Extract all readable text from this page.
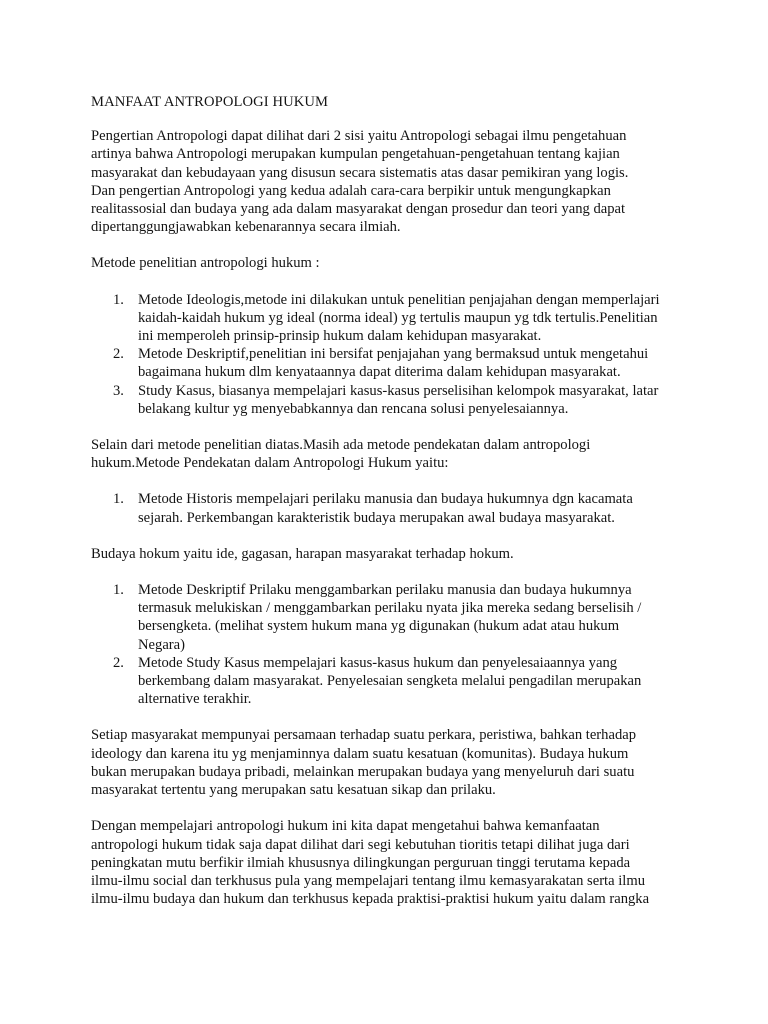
MANFAAT ANTROPOLOGI HUKUM
Pengertian Antropologi dapat dilihat dari 2 sisi yaitu Antropologi sebagai ilmu pengetahuan
artinya bahwa Antropologi merupakan kumpulan pengetahuan-pengetahuan tentang kajian
masyarakat dan kebudayaan yang disusun secara sistematis atas dasar pemikiran yang logis.
Dan pengertian Antropologi yang kedua adalah cara-cara berpikir untuk mengungkapkan
realitassosial dan budaya yang ada dalam masyarakat dengan prosedur dan teori yang dapat
dipertanggungjawabkan kebenarannya secara ilmiah.
Metode penelitian antropologi hukum :
1. Metode Ideologis,metode ini dilakukan untuk penelitian penjajahan dengan memperlajari
kaidah-kaidah hukum yg ideal (norma ideal) yg tertulis maupun yg tdk tertulis.Penelitian
ini memperoleh prinsip-prinsip hukum dalam kehidupan masyarakat.
2. Metode Deskriptif,penelitian ini bersifat penjajahan yang bermaksud untuk mengetahui
bagaimana hukum dlm kenyataannya dapat diterima dalam kehidupan masyarakat.
3. Study Kasus, biasanya mempelajari kasus-kasus perselisihan kelompok masyarakat, latar
belakang kultur yg menyebabkannya dan rencana solusi penyelesaiannya.
Selain dari metode penelitian diatas.Masih ada metode pendekatan dalam antropologi
hukum.Metode Pendekatan dalam Antropologi Hukum yaitu:
1. Metode Historis mempelajari perilaku manusia dan budaya hukumnya dgn kacamata
sejarah. Perkembangan karakteristik budaya merupakan awal budaya masyarakat.
Budaya hokum yaitu ide, gagasan, harapan masyarakat terhadap hokum.
1. Metode Deskriptif Prilaku menggambarkan perilaku manusia dan budaya hukumnya
termasuk melukiskan / menggambarkan perilaku nyata jika mereka sedang berselisih /
bersengketa. (melihat system hukum mana yg digunakan (hukum adat atau hukum
Negara)
2. Metode Study Kasus mempelajari kasus-kasus hukum dan penyelesaiaannya yang
berkembang dalam masyarakat. Penyelesaian sengketa melalui pengadilan merupakan
alternative terakhir.
Setiap masyarakat mempunyai persamaan terhadap suatu perkara, peristiwa, bahkan terhadap
ideology dan karena itu yg menjaminnya dalam suatu kesatuan (komunitas). Budaya hukum
bukan merupakan budaya pribadi, melainkan merupakan budaya yang menyeluruh dari suatu
masyarakat tertentu yang merupakan satu kesatuan sikap dan prilaku.
Dengan mempelajari antropologi hukum ini kita dapat mengetahui bahwa kemanfaatan
antropologi hukum tidak saja dapat dilihat dari segi kebutuhan tioritis tetapi dilihat juga dari
peningkatan mutu berfikir ilmiah khususnya dilingkungan perguruan tinggi terutama kepada
ilmu-ilmu social dan terkhusus pula yang mempelajari tentang ilmu kemasyarakatan serta ilmu
ilmu-ilmu budaya dan hukum dan terkhusus kepada praktisi-praktisi hukum yaitu dalam rangka
